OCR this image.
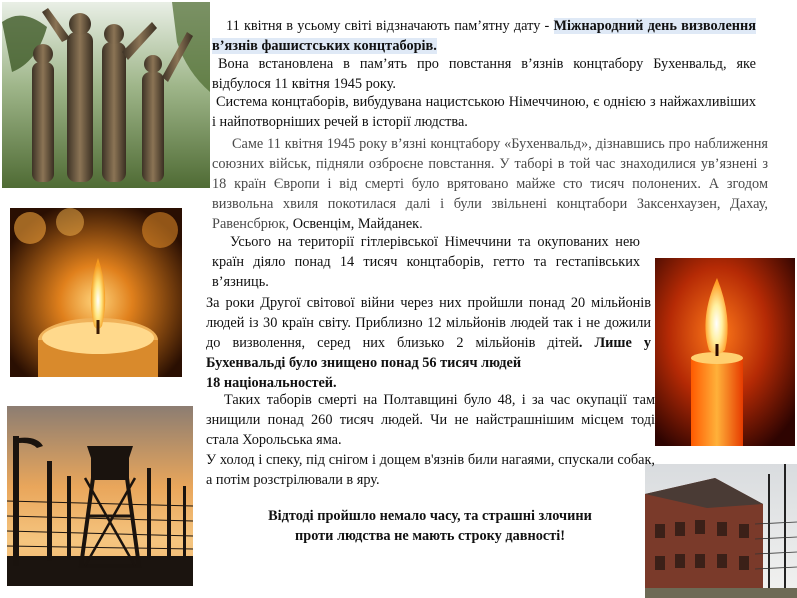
11 квітня в усьому світі відзначають пам’ятну дату - Міжнародний день визволення в’язнів фашистських концтаборів.

Вона встановлена в пам’ять про повстання в’язнів концтабору Бухенвальд, яке відбулося 11 квітня 1945 року.

Система концтаборів, вибудувана нацистською Німеччиною, є однією з найжахливіших і найпотворніших речей в історії людства.

Саме 11 квітня 1945 року в’язні концтабору «Бухенвальд», дізнавшись про наближення союзних військ, підняли озброєне повстання. У таборі в той час знаходилися ув’язнені з 18 країн Європи і від смерті було врятовано майже сто тисяч полонених. А згодом визвольна хвиля покотилася далі і були звільнені концтабори Заксенхаузен, Дахау, Равенсбрюк, Освенцім, Майданек.

Усього на території гітлерівської Німеччини та окупованих нею країн діяло понад 14 тисяч концтаборів, гетто та гестапівських в’язниць.

За роки Другої світової війни через них пройшли понад 20 мільйонів людей із 30 країн світу. Приблизно 12 мільйонів людей так і не дожили до визволення, серед них близько 2 мільйонів дітей. Лише у Бухенвальді було знищено понад 56 тисяч людей
18 національностей.

Таких таборів смерті на Полтавщині було 48, і за час окупації там знищили понад 260 тисяч людей. Чи не найстрашнішим місцем тоді стала Хорольська яма.
У холод і спеку, під снігом і дощем в'язнів били нагаями, спускали собак, а потім розстрілювали в яру.

Відтоді пройшло немало часу, та страшні злочини
проти людства не мають строку давності!
